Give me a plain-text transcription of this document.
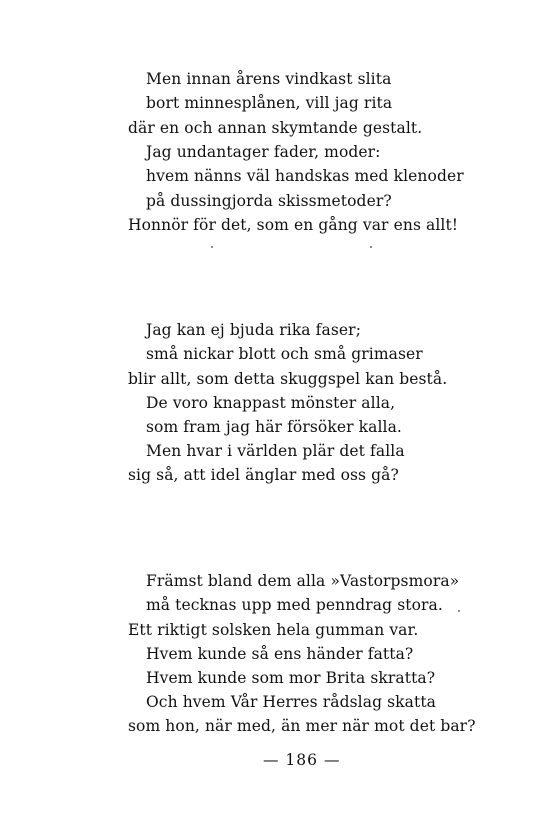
Men innan årens vindkast slita
bort minnesplånen, vill jag rita
där en och annan skymtande gestalt.
Jag undantager fader, moder:
hvem nänns väl handskas med klenoder
på dussingjorda skissmetoder?
Honnör för det, som en gång var ens allt!
Jag kan ej bjuda rika faser;
små nickar blott och små grimaser
blir allt, som detta skuggspel kan bestå.
De voro knappast mönster alla,
som fram jag här försöker kalla.
Men hvar i världen plär det falla
sig så, att idel änglar med oss gå?
Främst bland dem alla »Vastorpsmora»
må tecknas upp med penndrag stora.
Ett riktigt solsken hela gumman var.
Hvem kunde så ens händer fatta?
Hvem kunde som mor Brita skratta?
Och hvem Vår Herres rådslag skatta
som hon, när med, än mer när mot det bar?
— 186 —
